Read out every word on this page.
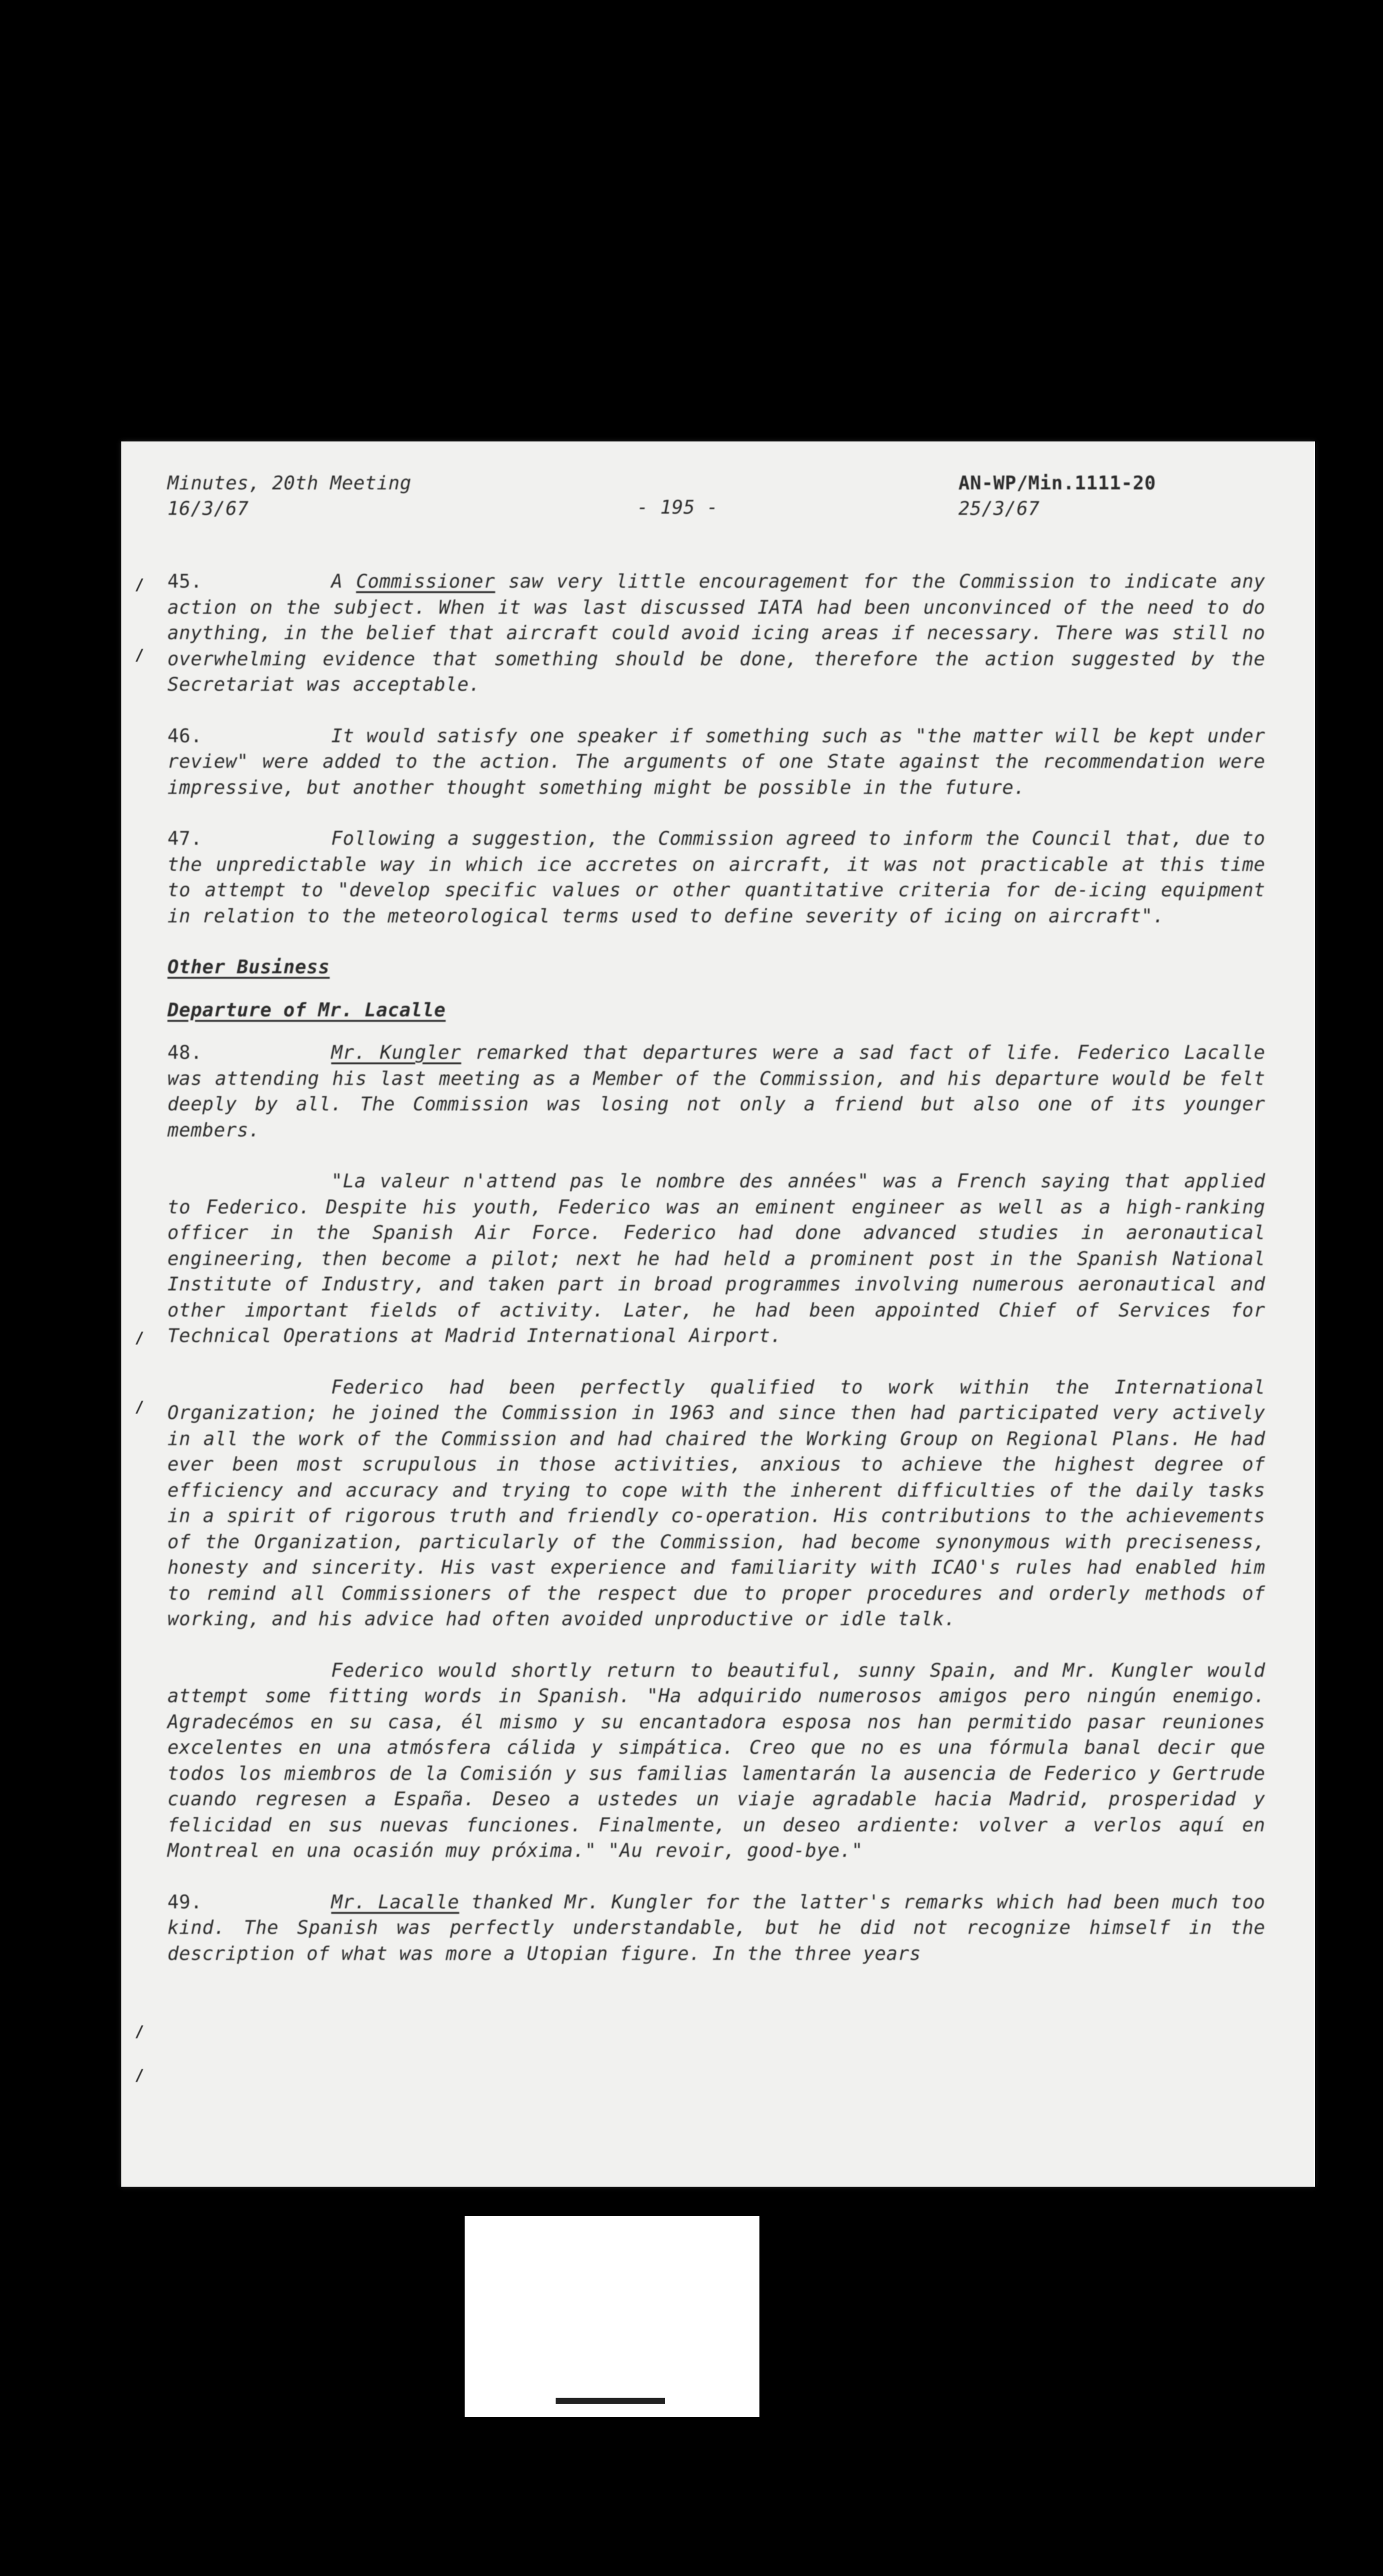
Minutes, 20th Meeting
16/3/67	- 195 -
AN-WP/Min.1111-20
25/3/67
/
/
/
/
/
/

45.	A Commissioner saw very little encouragement for the Commission to indicate any action on the subject. When it was last discussed IATA had been unconvinced of the need to do anything, in the belief that aircraft could avoid icing areas if necessary. There was still no overwhelming evidence that something should be done, therefore the action suggested by the Secretariat was acceptable.

46.	It would satisfy one speaker if something such as "the matter will be kept under review" were added to the action. The arguments of one State against the recommendation were impressive, but another thought something might be possible in the future.

47.	Following a suggestion, the Commission agreed to inform the Council that, due to the unpredictable way in which ice accretes on aircraft, it was not practicable at this time to attempt to "develop specific values or other quantitative criteria for de-icing equipment in relation to the meteorological terms used to define severity of icing on aircraft".

Other Business
Departure of Mr. Lacalle

48.	Mr. Kungler remarked that departures were a sad fact of life. Federico Lacalle was attending his last meeting as a Member of the Commission, and his departure would be felt deeply by all. The Commission was losing not only a friend but also one of its younger members.

"La valeur n'attend pas le nombre des années" was a French saying that applied to Federico. Despite his youth, Federico was an eminent engineer as well as a high-ranking officer in the Spanish Air Force. Federico had done advanced studies in aeronautical engineering, then become a pilot; next he had held a prominent post in the Spanish National Institute of Industry, and taken part in broad programmes involving numerous aeronautical and other important fields of activity. Later, he had been appointed Chief of Services for Technical Operations at Madrid International Airport.

Federico had been perfectly qualified to work within the International Organization; he joined the Commission in 1963 and since then had participated very actively in all the work of the Commission and had chaired the Working Group on Regional Plans. He had ever been most scrupulous in those activities, anxious to achieve the highest degree of efficiency and accuracy and trying to cope with the inherent difficulties of the daily tasks in a spirit of rigorous truth and friendly co-operation. His contributions to the achievements of the Organization, particularly of the Commission, had become synonymous with preciseness, honesty and sincerity. His vast experience and familiarity with ICAO's rules had enabled him to remind all Commissioners of the respect due to proper procedures and orderly methods of working, and his advice had often avoided unproductive or idle talk.

Federico would shortly return to beautiful, sunny Spain, and Mr. Kungler would attempt some fitting words in Spanish. "Ha adquirido numerosos amigos pero ningún enemigo. Agradecémos en su casa, él mismo y su encantadora esposa nos han permitido pasar reuniones excelentes en una atmósfera cálida y simpática. Creo que no es una fórmula banal decir que todos los miembros de la Comisión y sus familias lamentarán la ausencia de Federico y Gertrude cuando regresen a España. Deseo a ustedes un viaje agradable hacia Madrid, prosperidad y felicidad en sus nuevas funciones. Finalmente, un deseo ardiente: volver a verlos aquí en Montreal en una ocasión muy próxima." "Au revoir, good-bye."

49.	Mr. Lacalle thanked Mr. Kungler for the latter's remarks which had been much too kind. The Spanish was perfectly understandable, but he did not recognize himself in the description of what was more a Utopian figure. In the three years
